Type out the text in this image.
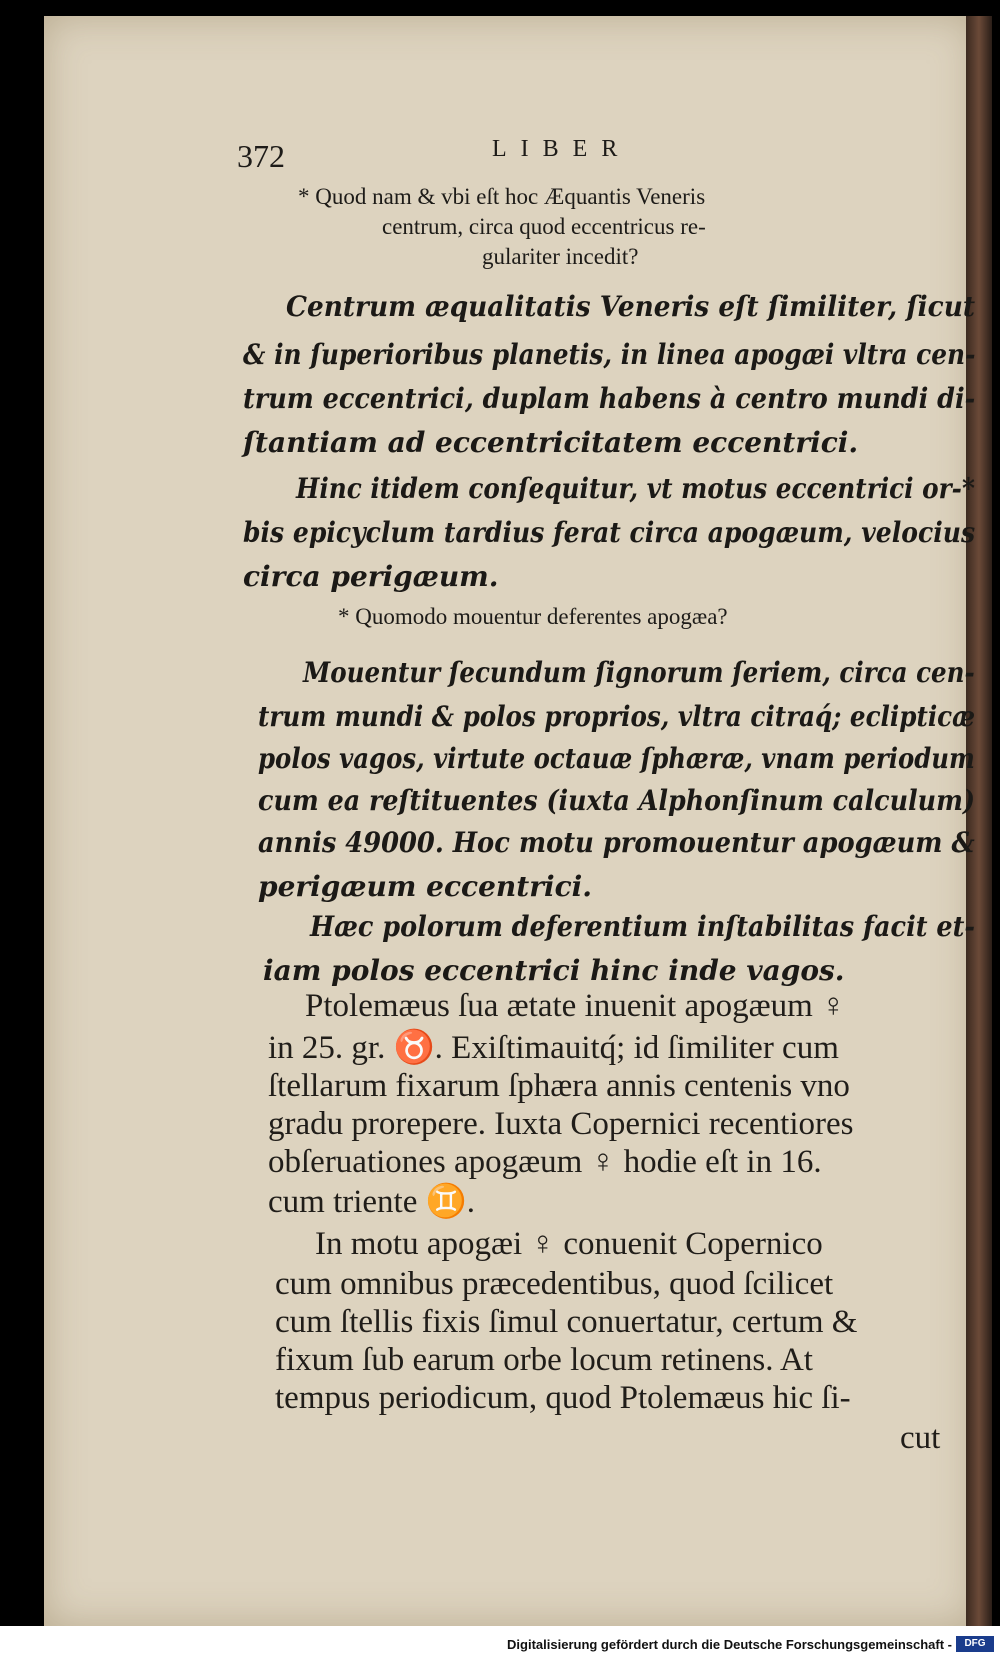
372	LIBER
* Quod nam & vbi eſt hoc Æquantis Veneris
centrum, circa quod eccentricus re-
gulariter incedit?
Centrum æqualitatis Veneris eſt ſimiliter, ſicut
& in ſuperioribus planetis, in linea apogæi vltra cen-
trum eccentrici, duplam habens à centro mundi di-
ſtantiam ad eccentricitatem eccentrici.
Hinc itidem conſequitur, vt motus eccentrici or-*
bis epicyclum tardius ferat circa apogæum, velocius
circa perigæum.
* Quomodo mouentur deferentes apogæa?
Mouentur ſecundum ſignorum ſeriem, circa cen-
trum mundi & polos proprios, vltra citraq́; eclipticæ
polos vagos, virtute octauæ ſphæræ, vnam periodum
cum ea reſtituentes (iuxta Alphonſinum calculum)
annis 49000. Hoc motu promouentur apogæum &
perigæum eccentrici.
Hæc polorum deferentium inſtabilitas facit et-
iam polos eccentrici hinc inde vagos.
Ptolemæus ſua ætate inuenit apogæum ♀
in 25. gr. ♉. Exiſtimauitq́; id ſimiliter cum
ſtellarum fixarum ſphæra annis centenis vno
gradu prorepere. Iuxta Copernici recentiores
obſeruationes apogæum ♀ hodie eſt in 16.
cum triente ♊.
In motu apogæi ♀ conuenit Copernico
cum omnibus præcedentibus, quod ſcilicet
cum ſtellis fixis ſimul conuertatur, certum &
fixum ſub earum orbe locum retinens. At
tempus periodicum, quod Ptolemæus hic ſi-
cut
Digitalisierung gefördert durch die Deutsche Forschungsgemeinschaft -	DFG
